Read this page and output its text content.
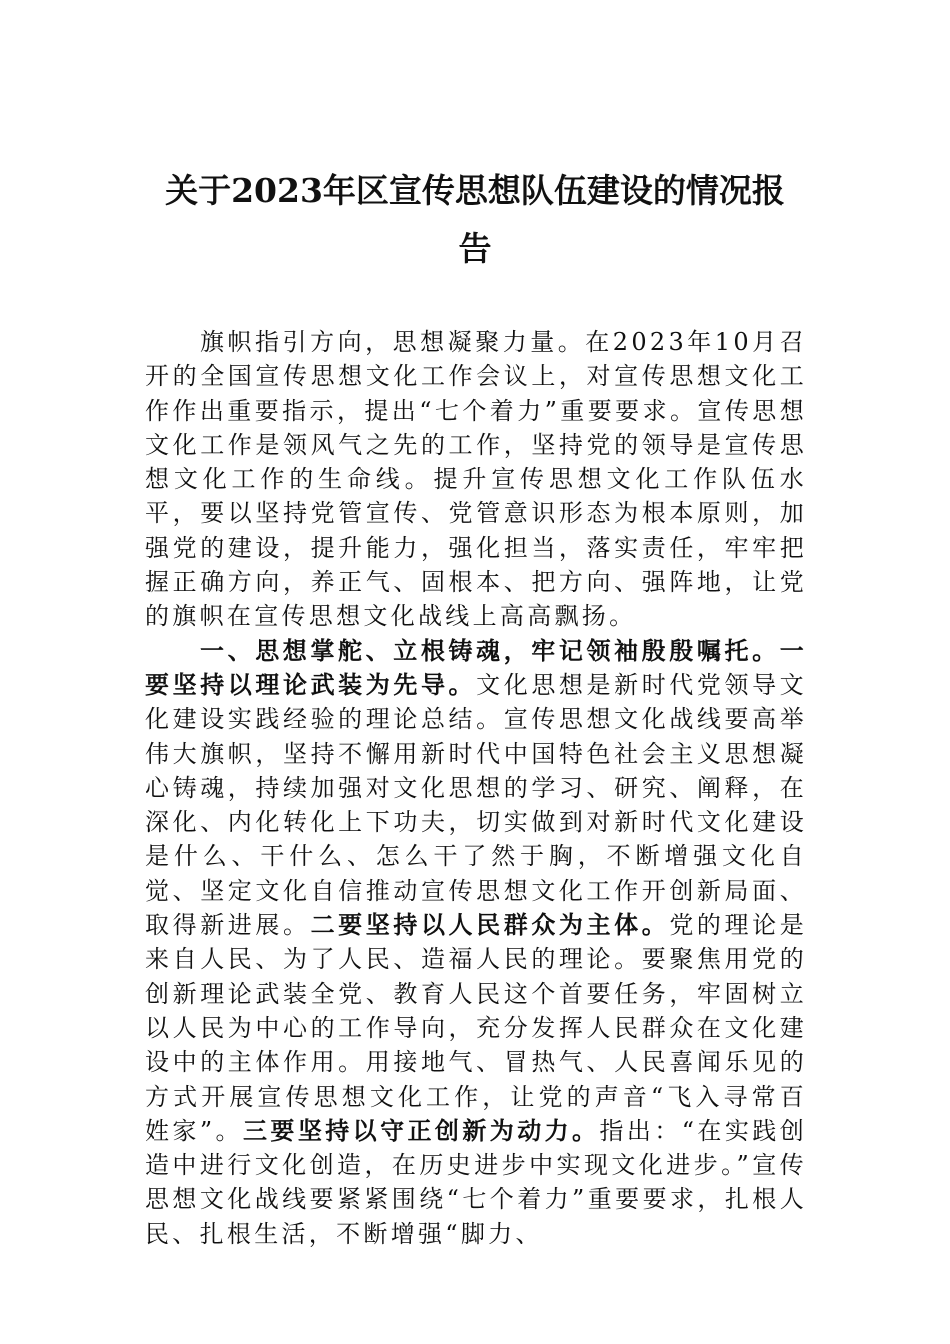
关于2023年区宣传思想队伍建设的情况报
告

旗帜指引方向，思想凝聚力量。在2023年10月召开的全国宣传思想文化工作会议上，对宣传思想文化工作作出重要指示，提出“七个着力”重要要求。宣传思想文化工作是领风气之先的工作，坚持党的领导是宣传思想文化工作的生命线。提升宣传思想文化工作队伍水平，要以坚持党管宣传、党管意识形态为根本原则，加强党的建设，提升能力，强化担当，落实责任，牢牢把握正确方向，养正气、固根本、把方向、强阵地，让党的旗帜在宣传思想文化战线上高高飘扬。

一、思想掌舵、立根铸魂，牢记领袖殷殷嘱托。一要坚持以理论武装为先导。文化思想是新时代党领导文化建设实践经验的理论总结。宣传思想文化战线要高举伟大旗帜，坚持不懈用新时代中国特色社会主义思想凝心铸魂，持续加强对文化思想的学习、研究、阐释，在深化、内化转化上下功夫，切实做到对新时代文化建设是什么、干什么、怎么干了然于胸，不断增强文化自觉、坚定文化自信推动宣传思想文化工作开创新局面、取得新进展。二要坚持以人民群众为主体。党的理论是来自人民、为了人民、造福人民的理论。要聚焦用党的创新理论武装全党、教育人民这个首要任务，牢固树立以人民为中心的工作导向，充分发挥人民群众在文化建设中的主体作用。用接地气、冒热气、人民喜闻乐见的方式开展宣传思想文化工作，让党的声音“飞入寻常百姓家”。三要坚持以守正创新为动力。指出：“在实践创造中进行文化创造，在历史进步中实现文化进步。”宣传思想文化战线要紧紧围绕“七个着力”重要要求，扎根人民、扎根生活，不断增强“脚力、
